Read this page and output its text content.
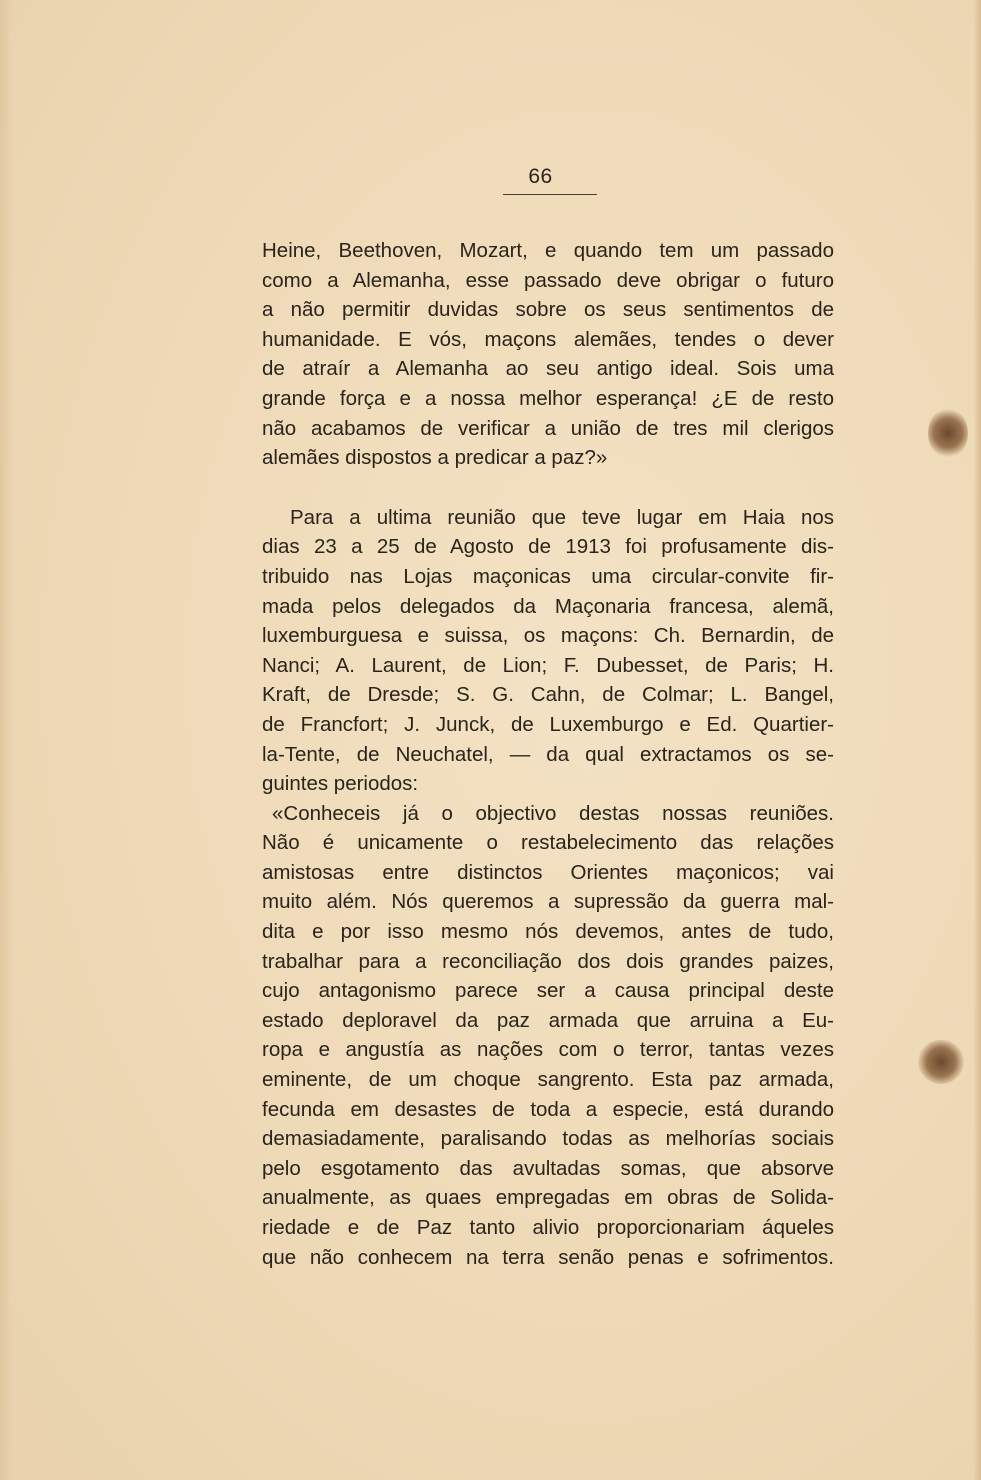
66

Heine, Beethoven, Mozart, e quando tem um passado
como a Alemanha, esse passado deve obrigar o futuro
a não permitir duvidas sobre os seus sentimentos de
humanidade. E vós, maçons alemães, tendes o dever
de atraír a Alemanha ao seu antigo ideal. Sois uma
grande força e a nossa melhor esperança! ¿E de resto
não acabamos de verificar a união de tres mil clerigos
alemães dispostos a predicar a paz?»

Para a ultima reunião que teve lugar em Haia nos
dias 23 a 25 de Agosto de 1913 foi profusamente dis-
tribuido nas Lojas maçonicas uma circular-convite fir-
mada pelos delegados da Maçonaria francesa, alemã,
luxemburguesa e suissa, os maçons: Ch. Bernardin, de
Nanci; A. Laurent, de Lion; F. Dubesset, de Paris; H.
Kraft, de Dresde; S. G. Cahn, de Colmar; L. Bangel,
de Francfort; J. Junck, de Luxemburgo e Ed. Quartier-
la-Tente, de Neuchatel, — da qual extractamos os se-
guintes periodos:

«Conheceis já o objectivo destas nossas reuniões.
Não é unicamente o restabelecimento das relações
amistosas entre distinctos Orientes maçonicos; vai
muito além. Nós queremos a supressão da guerra mal-
dita e por isso mesmo nós devemos, antes de tudo,
trabalhar para a reconciliação dos dois grandes paizes,
cujo antagonismo parece ser a causa principal deste
estado deploravel da paz armada que arruina a Eu-
ropa e angustía as nações com o terror, tantas vezes
eminente, de um choque sangrento. Esta paz armada,
fecunda em desastes de toda a especie, está durando
demasiadamente, paralisando todas as melhorías sociais
pelo esgotamento das avultadas somas, que absorve
anualmente, as quaes empregadas em obras de Solida-
riedade e de Paz tanto alivio proporcionariam áqueles
que não conhecem na terra senão penas e sofrimentos.
